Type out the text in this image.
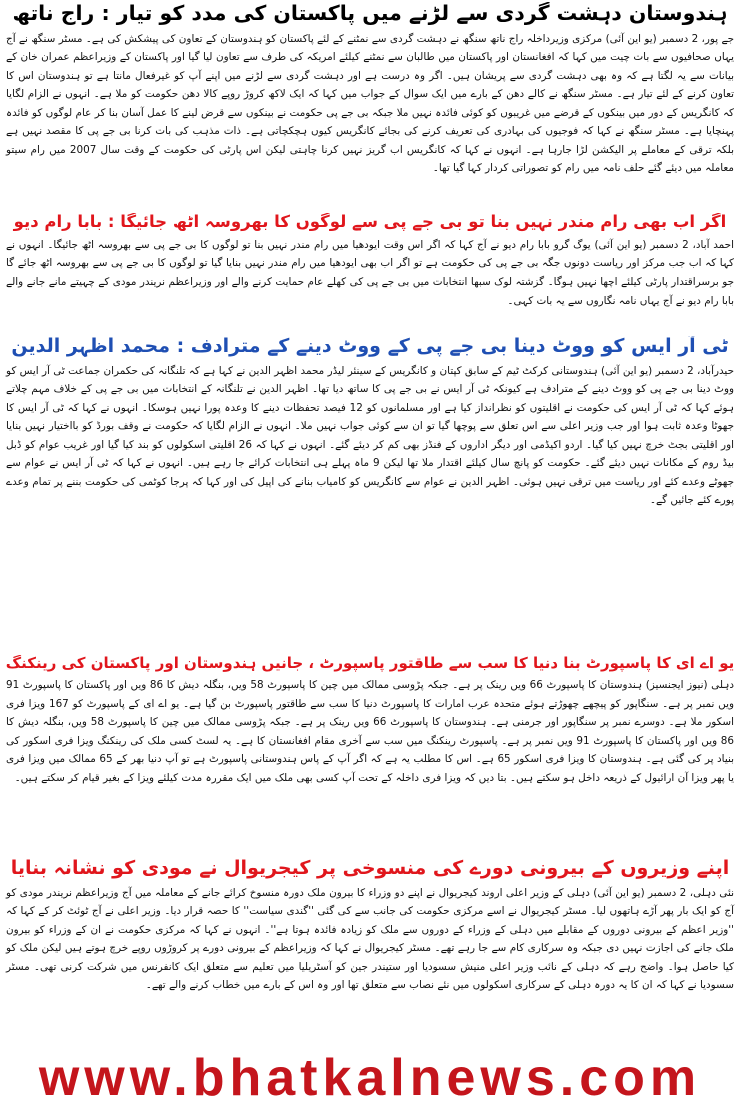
ہندوستان دہشت گردی سے لڑنے میں پاکستان کی مدد کو تیار : راج ناتھ

جے پور، 2 دسمبر (یو این آئی) مرکزی وزیرداخلہ راج ناتھ سنگھ نے دہشت گردی سے نمٹنے کے لئے پاکستان کو ہندوستان کے تعاون کی پیشکش کی ہے۔ مسٹر سنگھ نے آج یہاں صحافیوں سے بات چیت میں کہا کہ افغانستان اور پاکستان میں طالبان سے نمٹنے کیلئے امریکہ کی طرف سے تعاون لیا گیا اور پاکستان کے وزیراعظم عمران خان کے بیانات سے یہ لگتا ہے کہ وہ بھی دہشت گردی سے پریشان ہیں۔ اگر وہ درست ہے اور دہشت گردی سے لڑنے میں اپنے آپ کو غیرفعال مانتا ہے تو ہندوستان اس کا تعاون کرنے کے لئے تیار ہے۔ مسٹر سنگھ نے کالے دھن کے بارے میں ایک سوال کے جواب میں کہا کہ ایک لاکھ کروڑ روپے کالا دھن حکومت کو ملا ہے۔ انہوں نے الزام لگایا کہ کانگریس کے دور میں بینکوں کے قرضے میں غریبوں کو کوئی فائدہ نہیں ملا جبکہ بی جے پی حکومت نے بینکوں سے قرض لینے کا عمل آسان بنا کر عام لوگوں کو فائدہ پہنچایا ہے۔ مسٹر سنگھ نے کہا کہ فوجیوں کی بہادری کی تعریف کرنے کی بجائے کانگریس کیوں ہچکچاتی ہے۔ ذات مذہب کی بات کرنا بی جے پی کا مقصد نہیں ہے بلکہ ترقی کے معاملے پر الیکشن لڑا جارہا ہے۔ انہوں نے کہا کہ کانگریس اب گریز نہیں کرنا چاہتی لیکن اس پارٹی کی حکومت کے وقت سال 2007 میں رام سیتو معاملہ میں دیئے گئے حلف نامہ میں رام کو تصوراتی کردار کہا گیا تھا۔

اگر اب بھی رام مندر نہیں بنا تو بی جے پی سے لوگوں کا بھروسہ اٹھ جائیگا : بابا رام دیو

احمد آباد، 2 دسمبر (یو این آئی) یوگ گرو بابا رام دیو نے آج کہا کہ اگر اس وقت ایودھیا میں رام مندر نہیں بنا تو لوگوں کا بی جے پی سے بھروسہ اٹھ جائیگا۔ انہوں نے کہا کہ اب جب مرکز اور ریاست دونوں جگہ بی جے پی کی حکومت ہے تو اگر اب بھی ایودھیا میں رام مندر نہیں بنایا گیا تو لوگوں کا بی جے پی سے بھروسہ اٹھ جائے گا جو برسراقتدار پارٹی کیلئے اچھا نہیں ہوگا۔ گزشتہ لوک سبھا انتخابات میں بی جے پی کی کھلے عام حمایت کرنے والے اور وزیراعظم نریندر مودی کے چہیتے مانے جانے والے بابا رام دیو نے آج یہاں نامہ نگاروں سے یہ بات کہی۔

ٹی آر ایس کو ووٹ دینا بی جے پی کے ووٹ دینے کے مترادف : محمد اظہر الدین

حیدرآباد، 2 دسمبر (یو این آئی) ہندوستانی کرکٹ ٹیم کے سابق کپتان و کانگریس کے سینئر لیڈر محمد اظہر الدین نے کہا ہے کہ تلنگانہ کی حکمران جماعت ٹی آر ایس کو ووٹ دینا بی جے پی کو ووٹ دینے کے مترادف ہے کیونکہ ٹی آر ایس نے بی جے پی کا ساتھ دیا تھا۔ اظہر الدین نے تلنگانہ کے انتخابات میں بی جے پی کے خلاف مہم چلاتے ہوئے کہا کہ ٹی آر ایس کی حکومت نے اقلیتوں کو نظرانداز کیا ہے اور مسلمانوں کو 12 فیصد تحفظات دینے کا وعدہ پورا نہیں ہوسکا۔ انہوں نے کہا کہ ٹی آر ایس کا جھوٹا وعدہ ثابت ہوا اور جب وزیر اعلی سے اس تعلق سے پوچھا گیا تو ان سے کوئی جواب نہیں ملا۔ انہوں نے الزام لگایا کہ حکومت نے وقف بورڈ کو بااختیار نہیں بنایا اور اقلیتی بجٹ خرچ نہیں کیا گیا۔ اردو اکیڈمی اور دیگر اداروں کے فنڈز بھی کم کر دیئے گئے۔ انہوں نے کہا کہ 26 اقلیتی اسکولوں کو بند کیا گیا اور غریب عوام کو ڈبل بیڈ روم کے مکانات نہیں دیئے گئے۔ حکومت کو پانچ سال کیلئے اقتدار ملا تھا لیکن 9 ماہ پہلے ہی انتخابات کرائے جا رہے ہیں۔ انہوں نے کہا کہ ٹی آر ایس نے عوام سے جھوٹے وعدے کئے اور ریاست میں ترقی نہیں ہوئی۔ اظہر الدین نے عوام سے کانگریس کو کامیاب بنانے کی اپیل کی اور کہا کہ پرجا کوٹمی کی حکومت بننے پر تمام وعدے پورے کئے جائیں گے۔

یو اے ای کا پاسپورٹ بنا دنیا کا سب سے طاقتور پاسپورٹ ، جانیں ہندوستان اور پاکستان کی رینکنگ

دہلی (نیوز ایجنسیز) ہندوستان کا پاسپورٹ 66 ویں رینک پر ہے۔ جبکہ پڑوسی ممالک میں چین کا پاسپورٹ 58 ویں، بنگلہ دیش کا 86 ویں اور پاکستان کا پاسپورٹ 91 ویں نمبر پر ہے۔ سنگاپور کو پیچھے چھوڑتے ہوئے متحدہ عرب امارات کا پاسپورٹ دنیا کا سب سے طاقتور پاسپورٹ بن گیا ہے۔ یو اے ای کے پاسپورٹ کو 167 ویزا فری اسکور ملا ہے۔ دوسرے نمبر پر سنگاپور اور جرمنی ہے۔ ہندوستان کا پاسپورٹ 66 ویں رینک پر ہے۔ جبکہ پڑوسی ممالک میں چین کا پاسپورٹ 58 ویں، بنگلہ دیش کا 86 ویں اور پاکستان کا پاسپورٹ 91 ویں نمبر پر ہے۔ پاسپورٹ رینکنگ میں سب سے آخری مقام افغانستان کا ہے۔ یہ لسٹ کسی ملک کی رینکنگ ویزا فری اسکور کی بنیاد پر کی گئی ہے۔ ہندوستان کا ویزا فری اسکور 65 ہے۔ اس کا مطلب یہ ہے کہ اگر آپ کے پاس ہندوستانی پاسپورٹ ہے تو آپ دنیا بھر کے 65 ممالک میں ویزا فری یا پھر ویزا آن ارائیول کے ذریعہ داخل ہو سکتے ہیں۔ بتا دیں کہ ویزا فری داخلہ کے تحت آپ کسی بھی ملک میں ایک مقررہ مدت کیلئے ویزا کے بغیر قیام کر سکتے ہیں۔

اپنے وزیروں کے بیرونی دورے کی منسوخی پر کیجریوال نے مودی کو نشانہ بنایا

نئی دہلی، 2 دسمبر (یو این آئی) دہلی کے وزیر اعلی اروند کیجریوال نے اپنے دو وزراء کا بیرون ملک دورہ منسوخ کرائے جانے کے معاملہ میں آج وزیراعظم نریندر مودی کو آج کو ایک بار پھر آڑے ہاتھوں لیا۔ مسٹر کیجریوال نے اسے مرکزی حکومت کی جانب سے کی گئی ''گندی سیاست'' کا حصہ قرار دیا۔ وزیر اعلی نے آج ٹوئٹ کر کے کہا کہ ''وزیر اعظم کے بیرونی دوروں کے مقابلے میں دہلی کے وزراء کے دوروں سے ملک کو زیادہ فائدہ ہوتا ہے''۔ انہوں نے کہا کہ مرکزی حکومت نے ان کے وزراء کو بیرون ملک جانے کی اجازت نہیں دی جبکہ وہ سرکاری کام سے جا رہے تھے۔ مسٹر کیجریوال نے کہا کہ وزیراعظم کے بیرونی دورے پر کروڑوں روپے خرچ ہوتے ہیں لیکن ملک کو کیا حاصل ہوا۔ واضح رہے کہ دہلی کے نائب وزیر اعلی منیش سسودیا اور ستیندر جین کو آسٹریلیا میں تعلیم سے متعلق ایک کانفرنس میں شرکت کرنی تھی۔ مسٹر سسودیا نے کہا کہ ان کا یہ دورہ دہلی کے سرکاری اسکولوں میں نئے نصاب سے متعلق تھا اور وہ اس کے بارے میں خطاب کرنے والے تھے۔

www.bhatkalnews.com
